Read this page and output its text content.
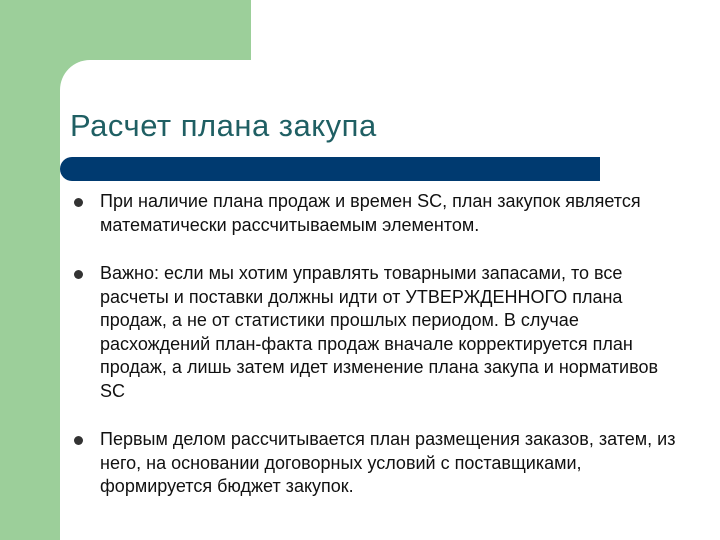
Расчет плана закупа
При наличие плана продаж и времен SC, план закупок является математически рассчитываемым элементом.
Важно: если мы хотим управлять товарными запасами, то все расчеты и поставки должны идти от УТВЕРЖДЕННОГО плана продаж, а не от статистики прошлых периодом. В случае расхождений план-факта продаж вначале корректируется план продаж, а лишь затем идет изменение плана закупа и нормативов SC
Первым делом рассчитывается план размещения заказов, затем, из него, на основании договорных условий с поставщиками, формируется бюджет закупок.
